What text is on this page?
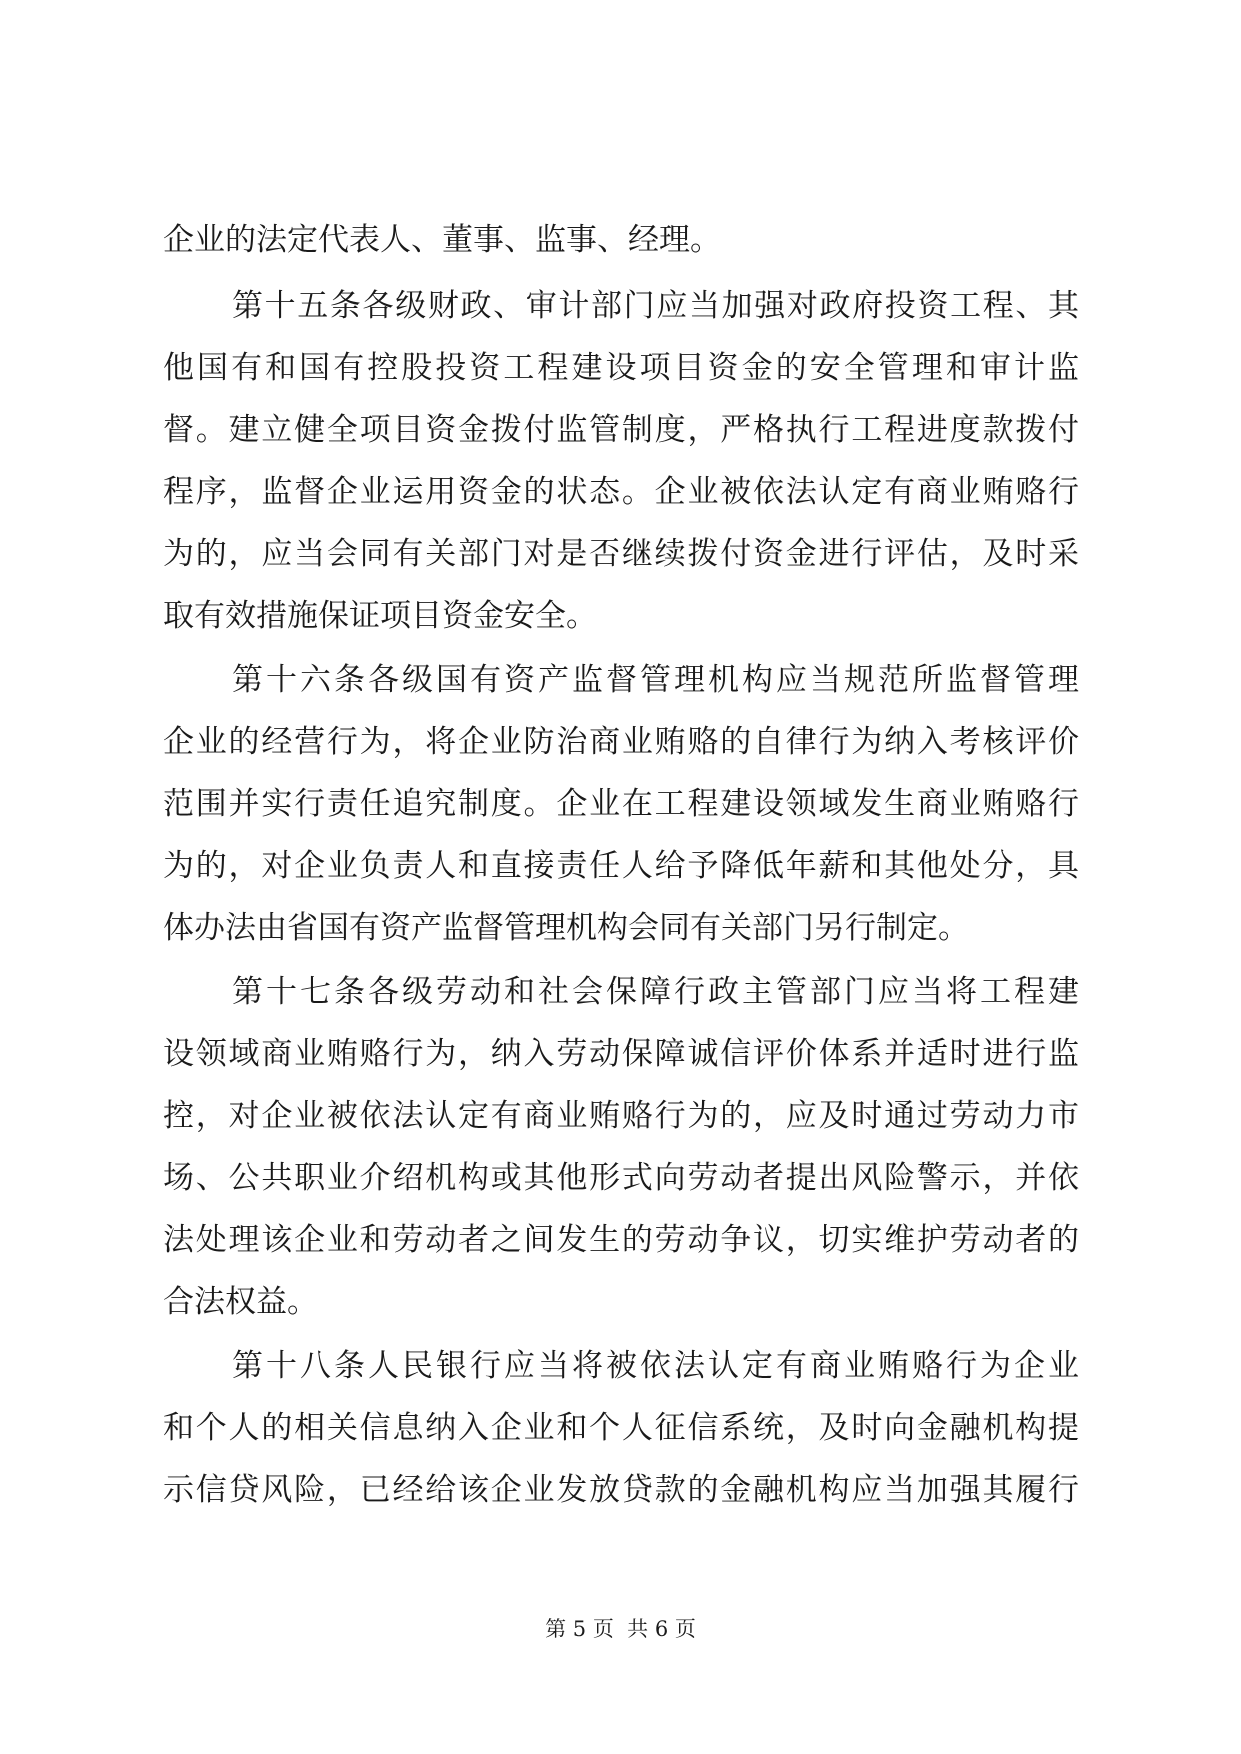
企业的法定代表人、董事、监事、经理。
第十五条各级财政、审计部门应当加强对政府投资工程、其
他国有和国有控股投资工程建设项目资金的安全管理和审计监
督。建立健全项目资金拨付监管制度，严格执行工程进度款拨付
程序，监督企业运用资金的状态。企业被依法认定有商业贿赂行
为的，应当会同有关部门对是否继续拨付资金进行评估，及时采
取有效措施保证项目资金安全。
第十六条各级国有资产监督管理机构应当规范所监督管理
企业的经营行为，将企业防治商业贿赂的自律行为纳入考核评价
范围并实行责任追究制度。企业在工程建设领域发生商业贿赂行
为的，对企业负责人和直接责任人给予降低年薪和其他处分，具
体办法由省国有资产监督管理机构会同有关部门另行制定。
第十七条各级劳动和社会保障行政主管部门应当将工程建
设领域商业贿赂行为，纳入劳动保障诚信评价体系并适时进行监
控，对企业被依法认定有商业贿赂行为的，应及时通过劳动力市
场、公共职业介绍机构或其他形式向劳动者提出风险警示，并依
法处理该企业和劳动者之间发生的劳动争议，切实维护劳动者的
合法权益。
第十八条人民银行应当将被依法认定有商业贿赂行为企业
和个人的相关信息纳入企业和个人征信系统，及时向金融机构提
示信贷风险，已经给该企业发放贷款的金融机构应当加强其履行
第 5 页  共 6 页
